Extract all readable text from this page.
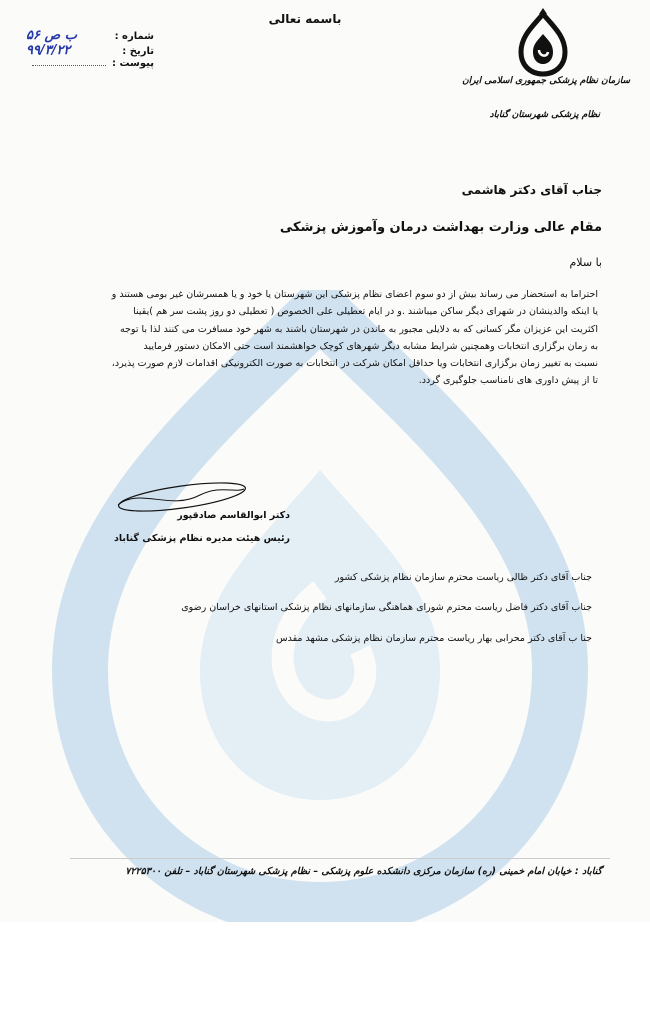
باسمه تعالی
۵۶ ب ص	شماره :
۹۹/۳/۲۲	تاریخ :
پیوست :
سازمان نظام پزشکی جمهوری اسلامی ایران
نظام پزشکی شهرستان گناباد
جناب آقای دکتر هاشمی
مقام عالی وزارت بهداشت درمان وآموزش پزشکی
با سلام
احتراما به استحضار می رساند بیش از دو سوم اعضای نظام پزشکی این شهرستان یا خود و یا همسرشان غیر بومی هستند و
یا اینکه والدینشان در شهرای دیگر ساکن میباشند .و در ایام تعطیلی علی الخصوص ( تعطیلی دو روز پشت سر هم )یقینا
اکثریت این عزیزان مگر کسانی که به دلایلی مجبور به ماندن در شهرستان باشند به شهر خود مسافرت می کنند لذا با توجه
به زمان برگزاری انتخابات وهمچنین شرایط مشابه دیگر شهرهای کوچک خواهشمند است حتی الامکان دستور فرمایید
نسبت به تغییر زمان برگزاری انتخابات ویا حداقل امکان شرکت در انتخابات به صورت الکترونیکی اقدامات لازم صورت پذیرد،
تا از پیش داوری های نامناسب جلوگیری گردد.
دکتر ابوالقاسم صادقپور
رئیس هیئت مدیره نظام پزشکی گناباد
جناب آقای دکتر ظالی ریاست محترم سازمان نظام پزشکی کشور
جناب آقای دکتر فاضل ریاست محترم شورای هماهنگی سازمانهای نظام پزشکی استانهای خراسان رضوی
جنا ب آقای دکتر محرابی بهار ریاست محترم سازمان نظام پزشکی مشهد مقدس
گناباد : خیابان امام خمینی (ره) سازمان مرکزی دانشکده علوم پزشکی – نظام پزشکی شهرستان گناباد – تلفن ۷۲۲۵۳۰۰
